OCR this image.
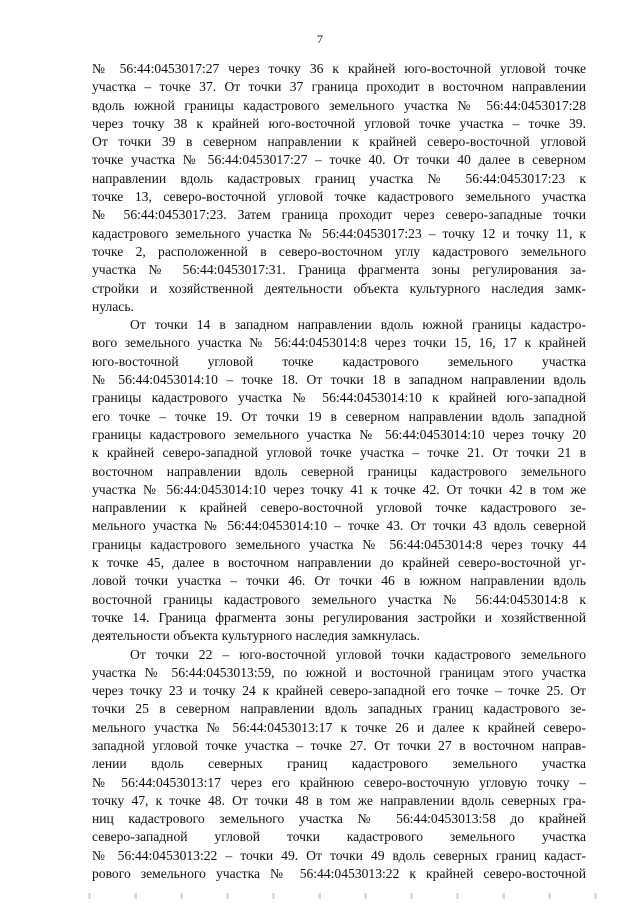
7
№ 56:44:0453017:27 через точку 36 к крайней юго-восточной угловой точке
участка – точке 37. От точки 37 граница проходит в восточном направлении
вдоль южной границы кадастрового земельного участка № 56:44:0453017:28
через точку 38 к крайней юго-восточной угловой точке участка – точке 39.
От точки 39 в северном направлении к крайней северо-восточной угловой
точке участка № 56:44:0453017:27 – точке 40. От точки 40 далее в северном
направлении вдоль кадастровых границ участка № 56:44:0453017:23 к
точке 13, северо-восточной угловой точке кадастрового земельного участка
№ 56:44:0453017:23. Затем граница проходит через северо-западные точки
кадастрового земельного участка № 56:44:0453017:23 – точку 12 и точку 11, к
точке 2, расположенной в северо-восточном углу кадастрового земельного
участка № 56:44:0453017:31. Граница фрагмента зоны регулирования за-
стройки и хозяйственной деятельности объекта культурного наследия замк-
нулась.
От точки 14 в западном направлении вдоль южной границы кадастро-
вого земельного участка № 56:44:0453014:8 через точки 15, 16, 17 к крайней
юго-восточной угловой точке кадастрового земельного участка
№ 56:44:0453014:10 – точке 18. От точки 18 в западном направлении вдоль
границы кадастрового участка № 56:44:0453014:10 к крайней юго-западной
его точке – точке 19. От точки 19 в северном направлении вдоль западной
границы кадастрового земельного участка № 56:44:0453014:10 через точку 20
к крайней северо-западной угловой точке участка – точке 21. От точки 21 в
восточном направлении вдоль северной границы кадастрового земельного
участка № 56:44:0453014:10 через точку 41 к точке 42. От точки 42 в том же
направлении к крайней северо-восточной угловой точке кадастрового зе-
мельного участка № 56:44:0453014:10 – точке 43. От точки 43 вдоль северной
границы кадастрового земельного участка № 56:44:0453014:8 через точку 44
к точке 45, далее в восточном направлении до крайней северо-восточной уг-
ловой точки участка – точки 46. От точки 46 в южном направлении вдоль
восточной границы кадастрового земельного участка № 56:44:0453014:8 к
точке 14. Граница фрагмента зоны регулирования застройки и хозяйственной
деятельности объекта культурного наследия замкнулась.
От точки 22 – юго-восточной угловой точки кадастрового земельного
участка № 56:44:0453013:59, по южной и восточной границам этого участка
через точку 23 и точку 24 к крайней северо-западной его точке – точке 25. От
точки 25 в северном направлении вдоль западных границ кадастрового зе-
мельного участка № 56:44:0453013:17 к точке 26 и далее к крайней северо-
западной угловой точке участка – точке 27. От точки 27 в восточном направ-
лении вдоль северных границ кадастрового земельного участка
№ 56:44:0453013:17 через его крайнюю северо-восточную угловую точку –
точку 47, к точке 48. От точки 48 в том же направлении вдоль северных гра-
ниц кадастрового земельного участка № 56:44:0453013:58 до крайней
северо-западной угловой точки кадастрового земельного участка
№ 56:44:0453013:22 – точки 49. От точки 49 вдоль северных границ кадаст-
рового земельного участка № 56:44:0453013:22 к крайней северо-восточной
